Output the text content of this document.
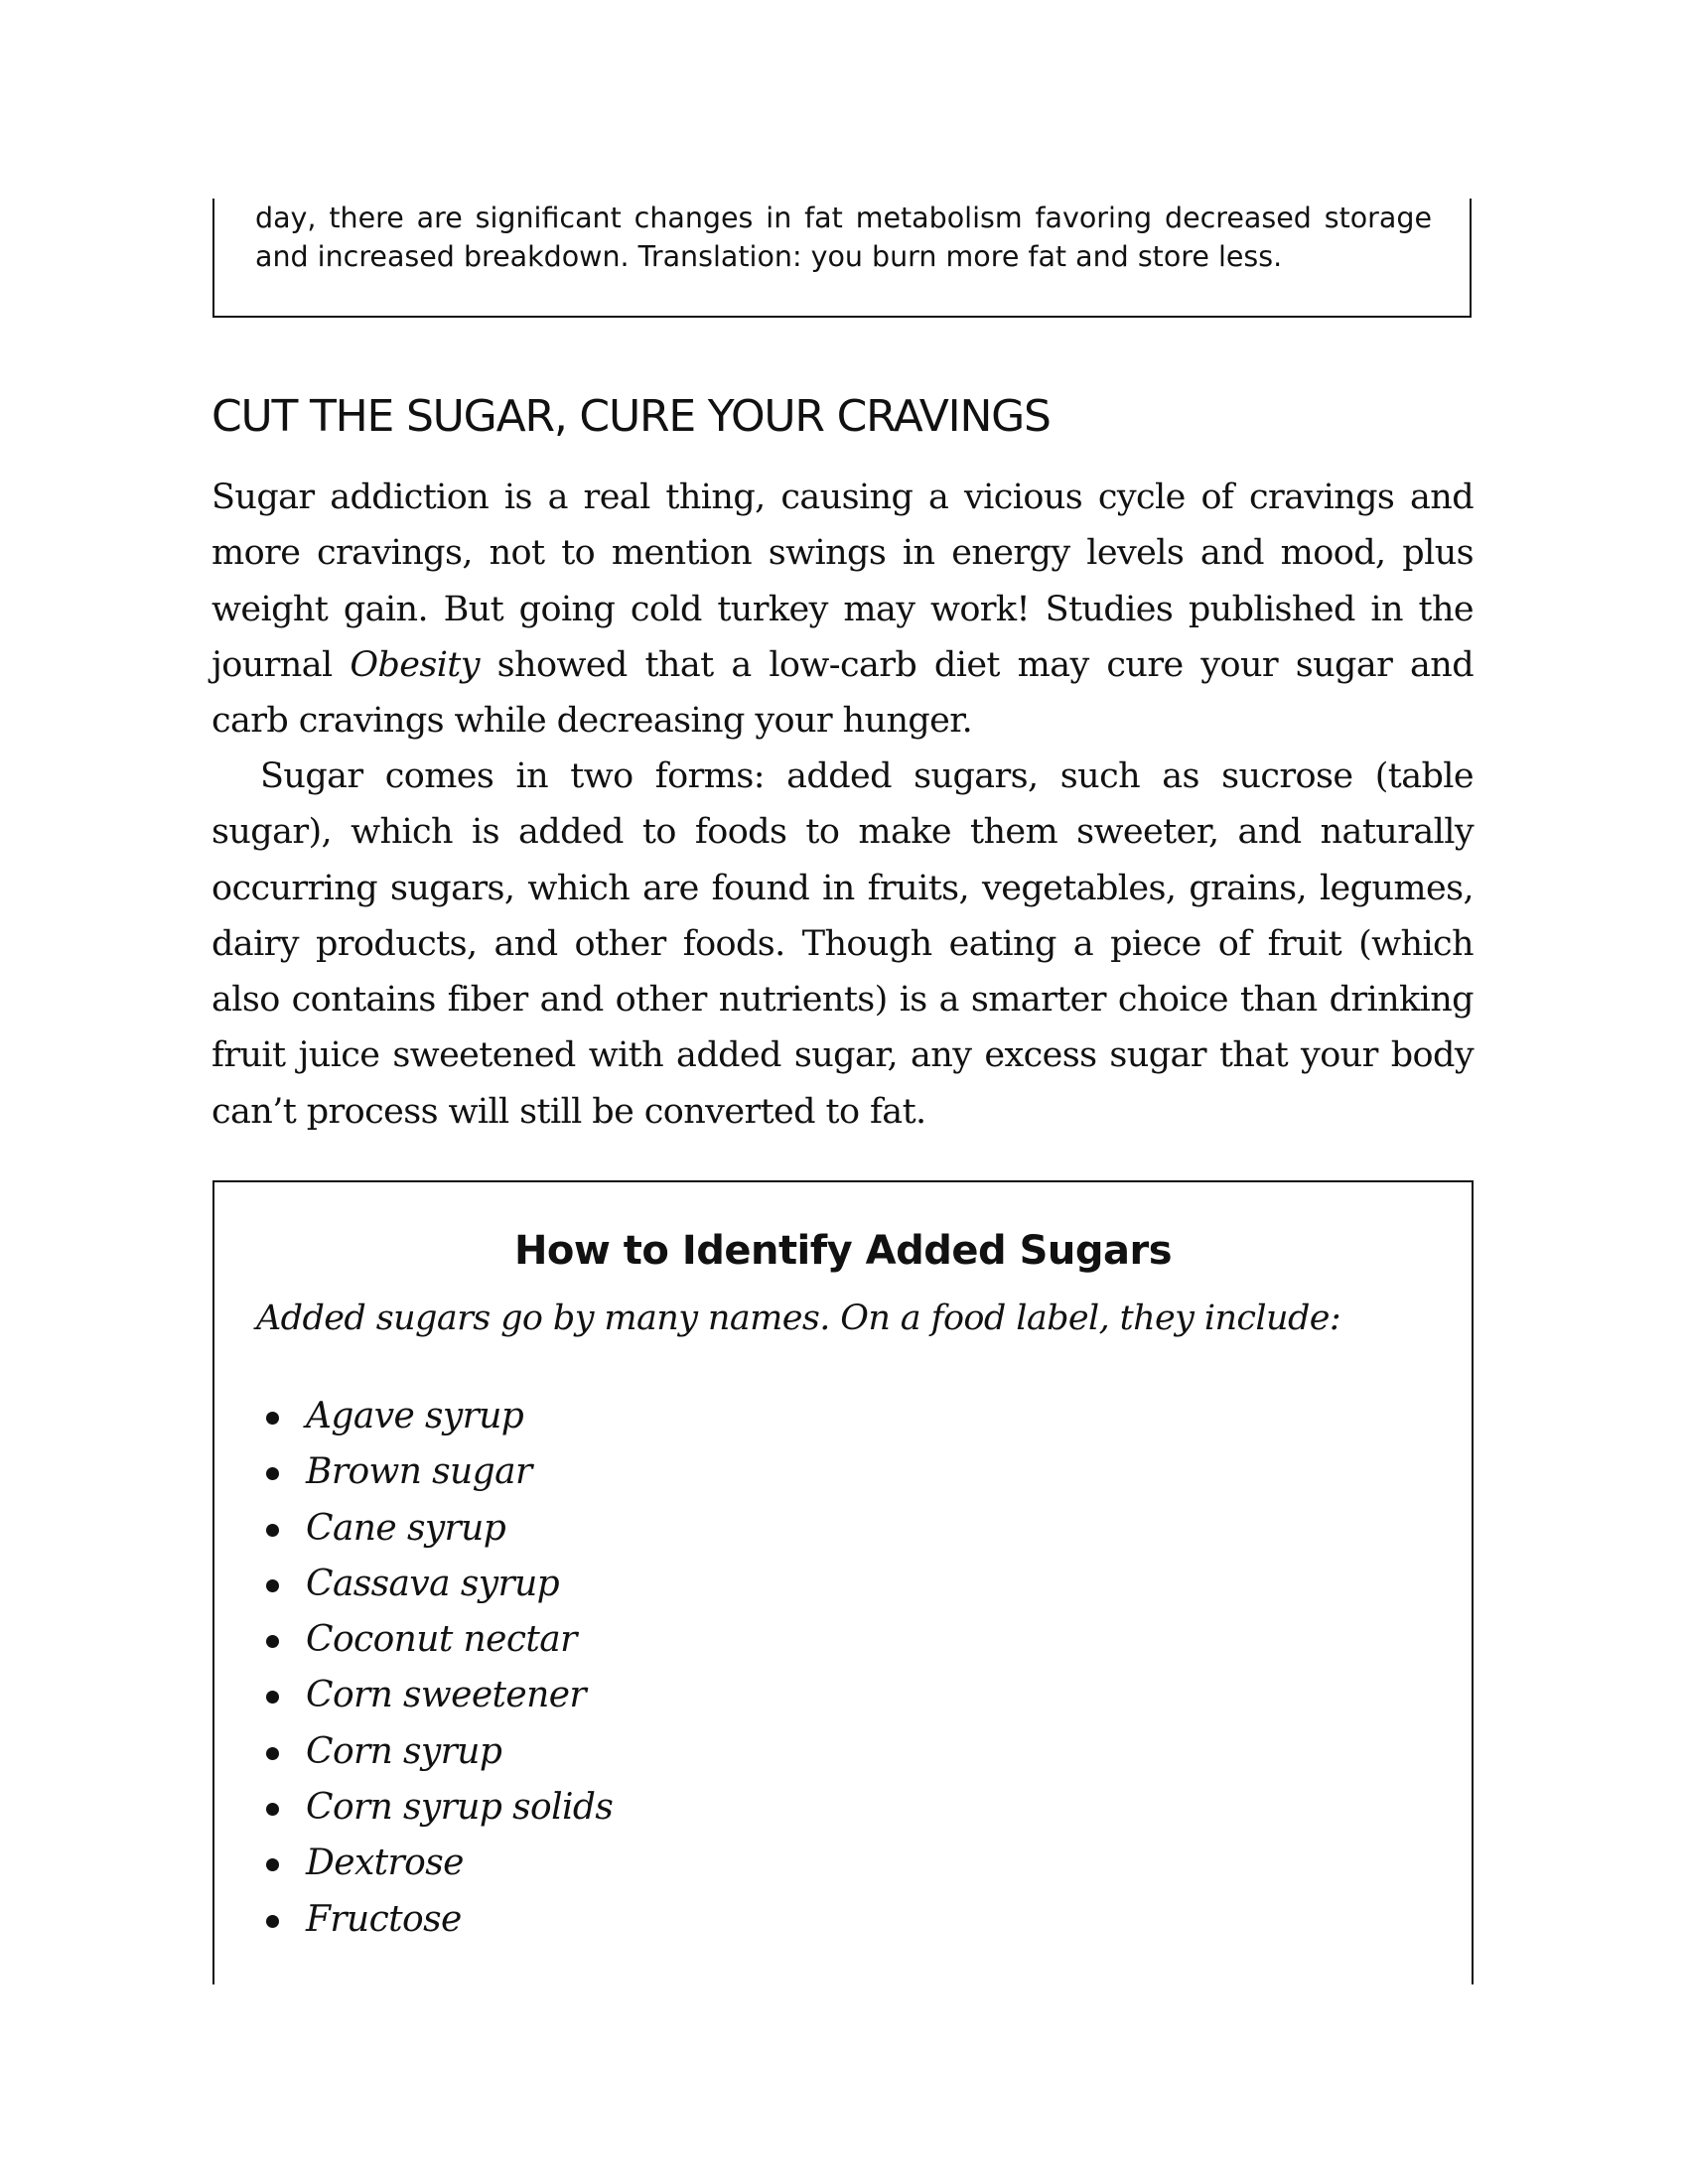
day, there are significant changes in fat metabolism favoring decreased storage and increased breakdown. Translation: you burn more fat and store less.

CUT THE SUGAR, CURE YOUR CRAVINGS

Sugar addiction is a real thing, causing a vicious cycle of cravings and more cravings, not to mention swings in energy levels and mood, plus weight gain. But going cold turkey may work! Studies published in the journal Obesity showed that a low-carb diet may cure your sugar and carb cravings while decreasing your hunger.

Sugar comes in two forms: added sugars, such as sucrose (table sugar), which is added to foods to make them sweeter, and naturally occurring sugars, which are found in fruits, vegetables, grains, legumes, dairy products, and other foods. Though eating a piece of fruit (which also contains fiber and other nutrients) is a smarter choice than drinking fruit juice sweetened with added sugar, any excess sugar that your body can’t process will still be converted to fat.

How to Identify Added Sugars

Added sugars go by many names. On a food label, they include:

Agave syrup
Brown sugar
Cane syrup
Cassava syrup
Coconut nectar
Corn sweetener
Corn syrup
Corn syrup solids
Dextrose
Fructose
